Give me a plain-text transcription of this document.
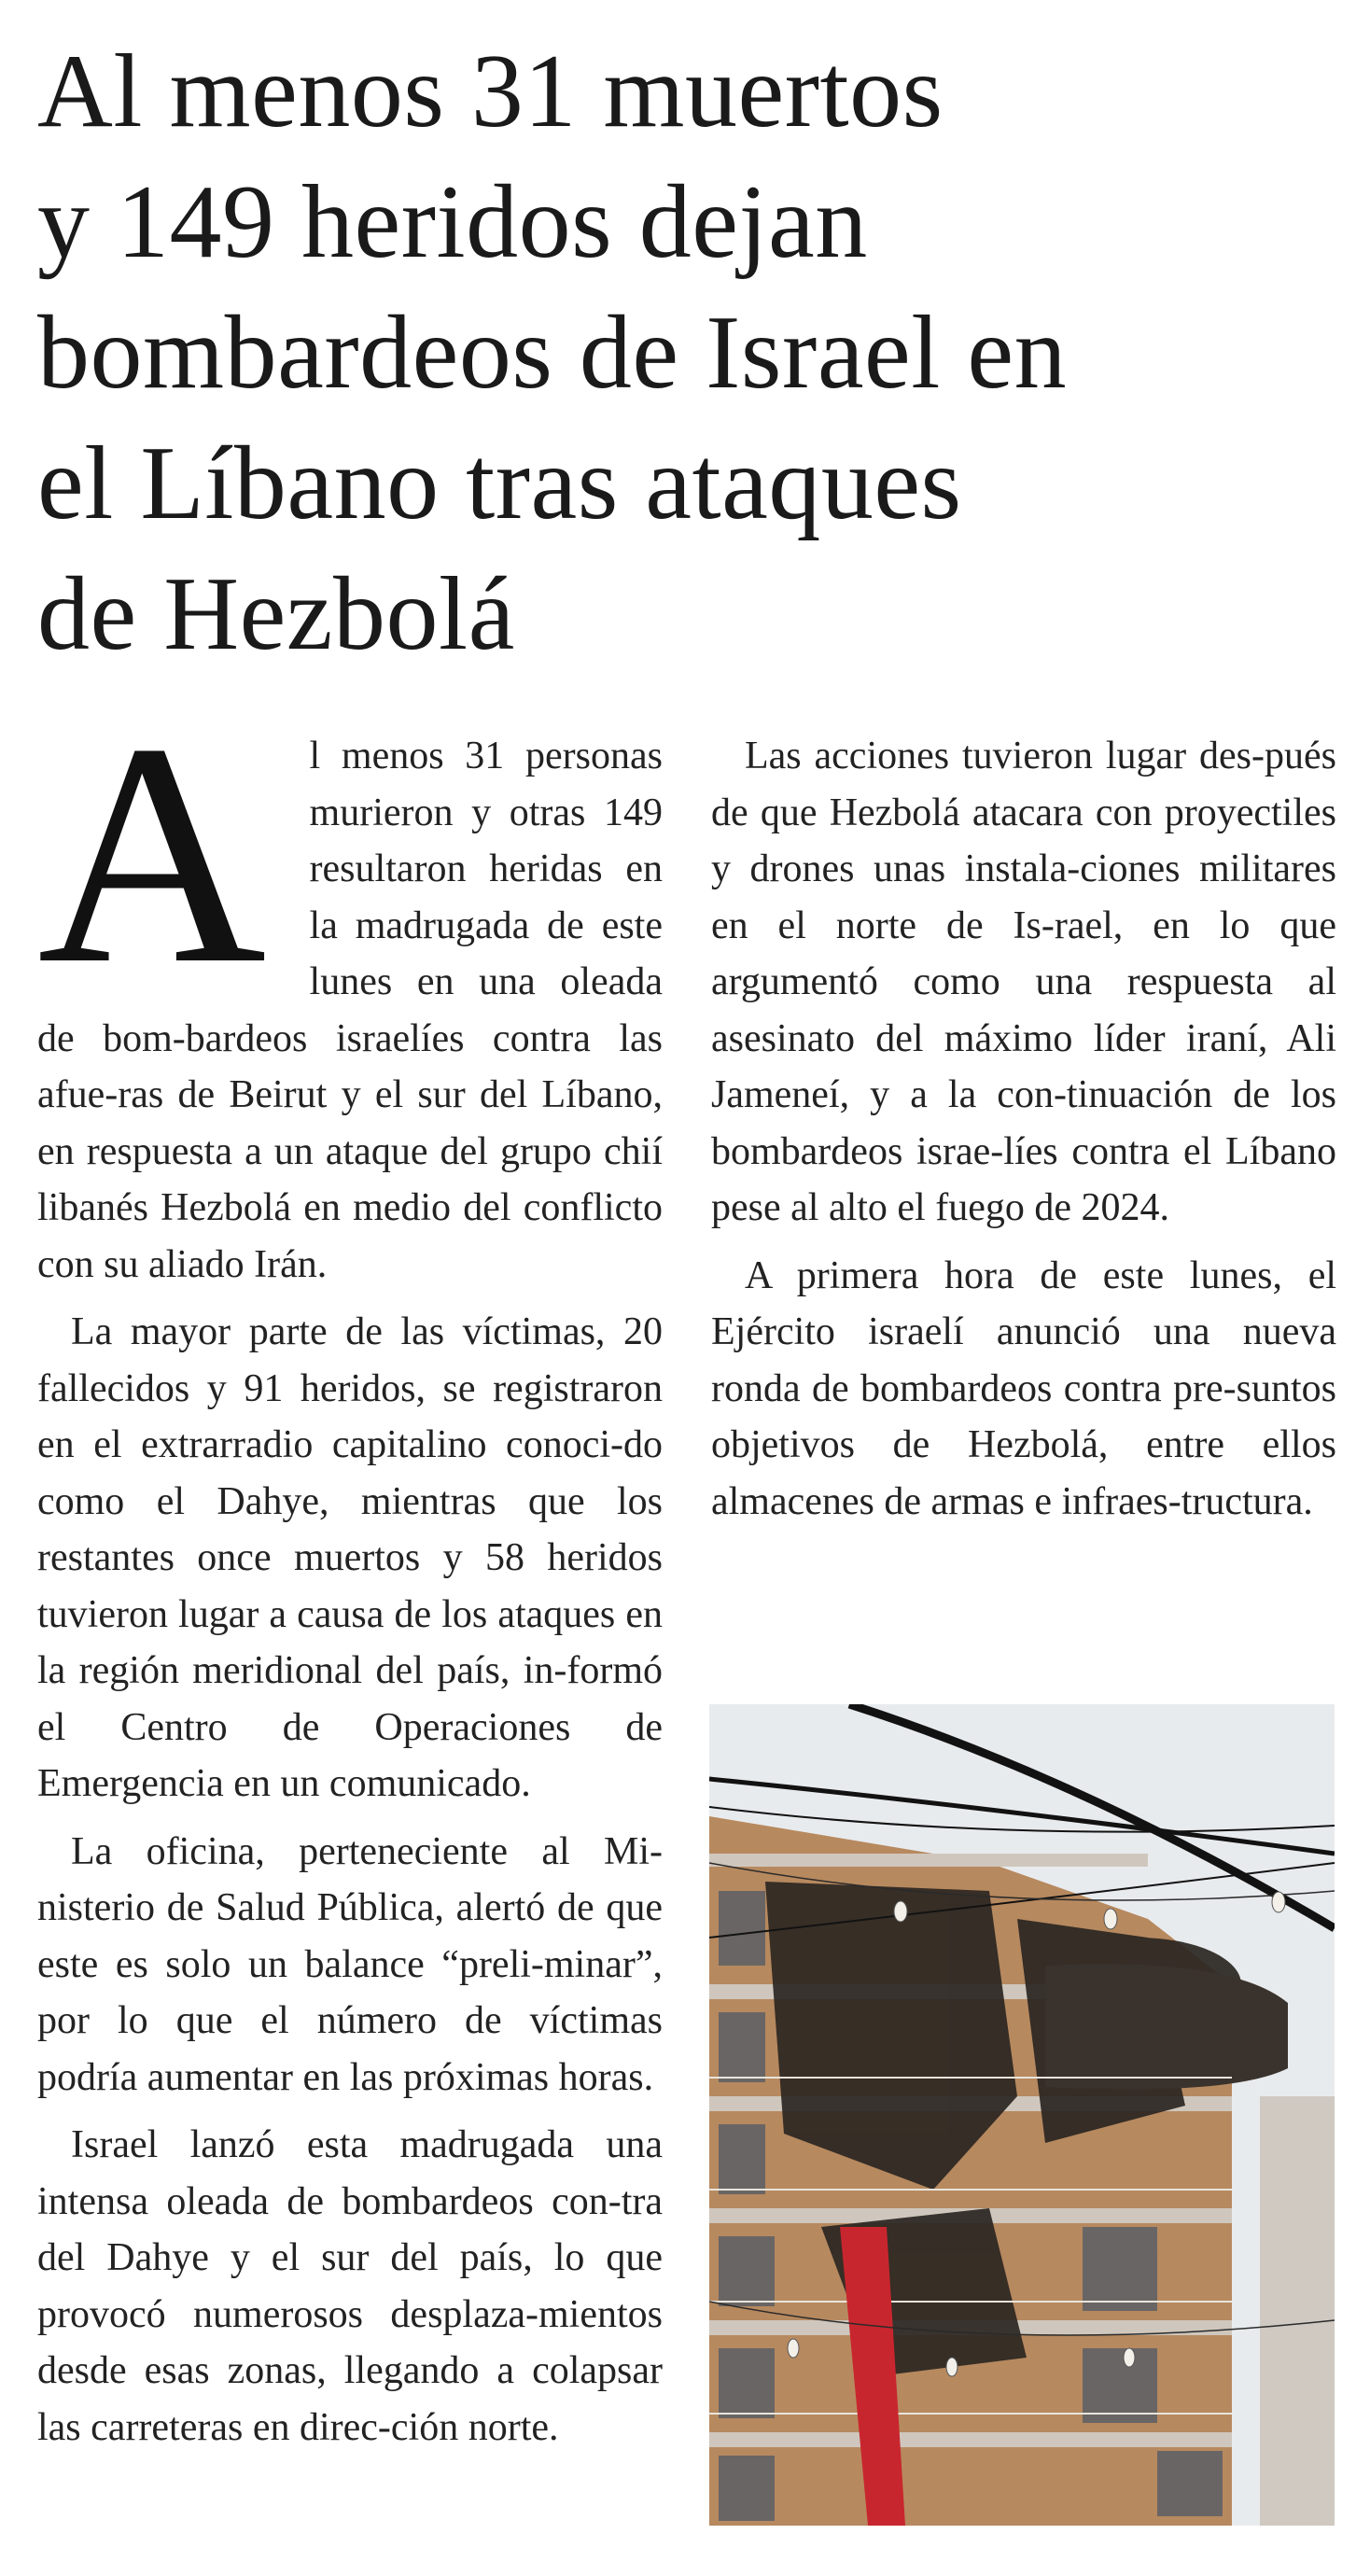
Al menos 31 muertos
y 149 heridos dejan
bombardeos de Israel en
el Líbano tras ataques
de Hezbolá

A l menos 31 personas murieron y otras 149 resultaron heridas en la madrugada de este lunes en una oleada de bom-bardeos israelíes contra las afue-ras de Beirut y el sur del Líbano, en respuesta a un ataque del grupo chií libanés Hezbolá en medio del conflicto con su aliado Irán.

La mayor parte de las víctimas, 20 fallecidos y 91 heridos, se registraron en el extrarradio capitalino conoci-do como el Dahye, mientras que los restantes once muertos y 58 heridos tuvieron lugar a causa de los ataques en la región meridional del país, in-formó el Centro de Operaciones de Emergencia en un comunicado.

La oficina, perteneciente al Mi-nisterio de Salud Pública, alertó de que este es solo un balance “preli-minar”, por lo que el número de víctimas podría aumentar en las próximas horas.

Israel lanzó esta madrugada una intensa oleada de bombardeos con-tra del Dahye y el sur del país, lo que provocó numerosos desplaza-mientos desde esas zonas, llegando a colapsar las carreteras en direc-ción norte.

Las acciones tuvieron lugar des-pués de que Hezbolá atacara con proyectiles y drones unas instala-ciones militares en el norte de Is-rael, en lo que argumentó como una respuesta al asesinato del máximo líder iraní, Ali Jameneí, y a la con-tinuación de los bombardeos israe-líes contra el Líbano pese al alto el fuego de 2024.

A primera hora de este lunes, el Ejército israelí anunció una nueva ronda de bombardeos contra pre-suntos objetivos de Hezbolá, entre ellos almacenes de armas e infraes-tructura.
